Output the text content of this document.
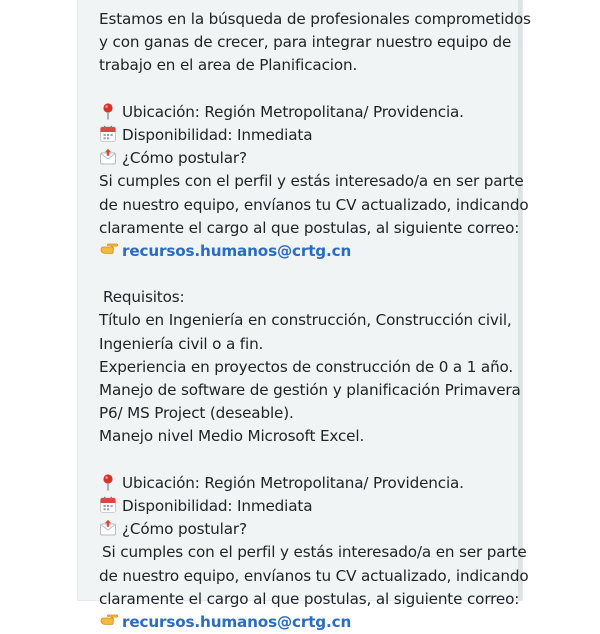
Estamos en la búsqueda de profesionales comprometidos
y con ganas de crecer, para integrar nuestro equipo de
trabajo en el area de Planificacion.
Ubicación: Región Metropolitana/ Providencia.
Disponibilidad: Inmediata
¿Cómo postular?
Si cumples con el perfil y estás interesado/a en ser parte
de nuestro equipo, envíanos tu CV actualizado, indicando
claramente el cargo al que postulas, al siguiente correo:
recursos.humanos@crtg.cn
Requisitos:
Título en Ingeniería en construcción, Construcción civil,
Ingeniería civil o a fin.
Experiencia en proyectos de construcción de 0 a 1 año.
Manejo de software de gestión y planificación Primavera
P6/ MS Project (deseable).
Manejo nivel Medio Microsoft Excel.
Ubicación: Región Metropolitana/ Providencia.
Disponibilidad: Inmediata
¿Cómo postular?
Si cumples con el perfil y estás interesado/a en ser parte
de nuestro equipo, envíanos tu CV actualizado, indicando
claramente el cargo al que postulas, al siguiente correo:
recursos.humanos@crtg.cn
